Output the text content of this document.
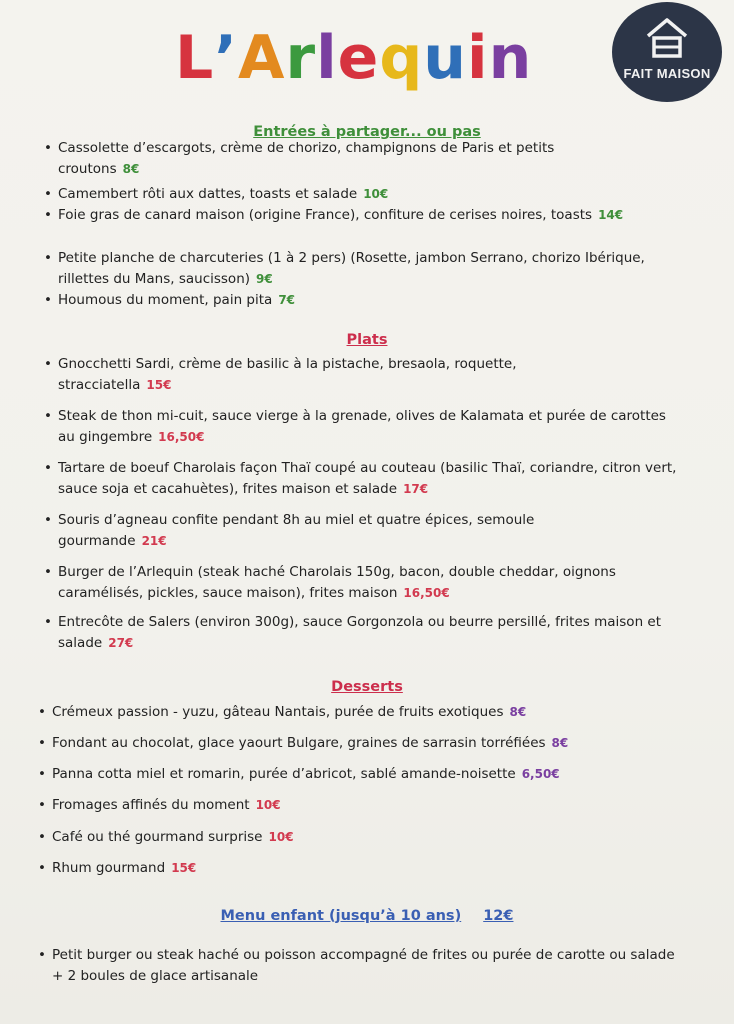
L’Arlequin	FAIT MAISON
Entrées à partager... ou pas
• Cassolette d’escargots, crème de chorizo, champignons de Paris et petits croutons 8€
• Camembert rôti aux dattes, toasts et salade 10€
• Foie gras de canard maison (origine France), confiture de cerises noires, toasts 14€
• Petite planche de charcuteries (1 à 2 pers) (Rosette, jambon Serrano, chorizo Ibérique, rillettes du Mans, saucisson) 9€
• Houmous du moment, pain pita 7€
Plats
• Gnocchetti Sardi, crème de basilic à la pistache, bresaola, roquette, stracciatella 15€
• Steak de thon mi-cuit, sauce vierge à la grenade, olives de Kalamata et purée de carottes au gingembre 16,50€
• Tartare de boeuf Charolais façon Thaï coupé au couteau (basilic Thaï, coriandre, citron vert, sauce soja et cacahuètes), frites maison et salade 17€
• Souris d’agneau confite pendant 8h au miel et quatre épices, semoule gourmande 21€
• Burger de l’Arlequin (steak haché Charolais 150g, bacon, double cheddar, oignons caramélisés, pickles, sauce maison), frites maison 16,50€
• Entrecôte de Salers (environ 300g), sauce Gorgonzola ou beurre persillé, frites maison et salade 27€
Desserts
• Crémeux passion - yuzu, gâteau Nantais, purée de fruits exotiques 8€
• Fondant au chocolat, glace yaourt Bulgare, graines de sarrasin torréfiées 8€
• Panna cotta miel et romarin, purée d’abricot, sablé amande-noisette 6,50€
• Fromages affinés du moment 10€
• Café ou thé gourmand surprise 10€
• Rhum gourmand 15€
Menu enfant (jusqu’à 10 ans) 12€
• Petit burger ou steak haché ou poisson accompagné de frites ou purée de carotte ou salade + 2 boules de glace artisanale
